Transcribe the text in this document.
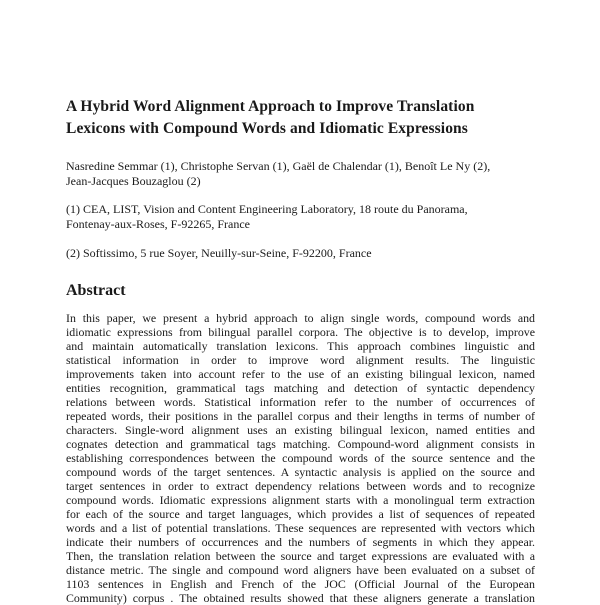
A Hybrid Word Alignment Approach to Improve Translation
Lexicons with Compound Words and Idiomatic Expressions
Nasredine Semmar (1), Christophe Servan (1), Gaël de Chalendar (1), Benoît Le Ny (2),
Jean-Jacques Bouzaglou (2)
(1) CEA, LIST, Vision and Content Engineering Laboratory, 18 route du Panorama,
Fontenay-aux-Roses, F-92265, France
(2) Softissimo, 5 rue Soyer, Neuilly-sur-Seine, F-92200, France
Abstract
In this paper, we present a hybrid approach to align single words, compound words and
idiomatic expressions from bilingual parallel corpora. The objective is to develop, improve
and maintain automatically translation lexicons. This approach combines linguistic and
statistical information in order to improve word alignment results. The linguistic
improvements taken into account refer to the use of an existing bilingual lexicon, named
entities recognition, grammatical tags matching and detection of syntactic dependency
relations between words. Statistical information refer to the number of occurrences of
repeated words, their positions in the parallel corpus and their lengths in terms of number of
characters. Single-word alignment uses an existing bilingual lexicon, named entities and
cognates detection and grammatical tags matching. Compound-word alignment consists in
establishing correspondences between the compound words of the source sentence and the
compound words of the target sentences. A syntactic analysis is applied on the source and
target sentences in order to extract dependency relations between words and to recognize
compound words. Idiomatic expressions alignment starts with a monolingual term extraction
for each of the source and target languages, which provides a list of sequences of repeated
words and a list of potential translations. These sequences are represented with vectors which
indicate their numbers of occurrences and the numbers of segments in which they appear.
Then, the translation relation between the source and target expressions are evaluated with a
distance metric. The single and compound word aligners have been evaluated on a subset of
1103 sentences in English and French of the JOC (Official Journal of the European
Community) corpus . The obtained results showed that these aligners generate a translation
